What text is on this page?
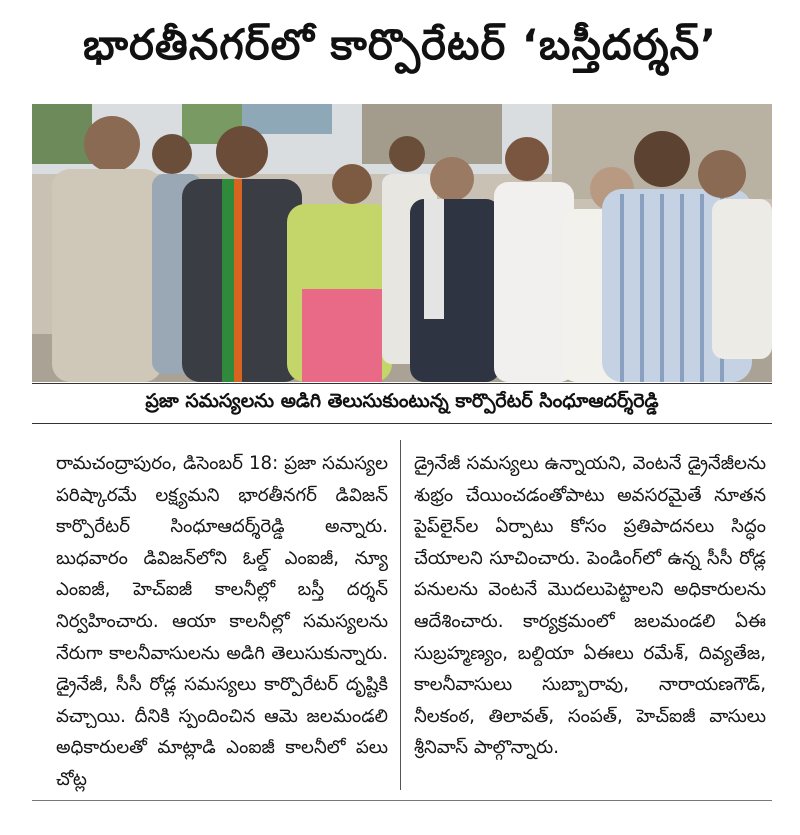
భారతీనగర్‌లో కార్పొరేటర్ ‘బస్తీదర్శన్’
ప్రజా సమస్యలను అడిగి తెలుసుకుంటున్న కార్పొరేటర్ సింధూఆదర్శ్‌రెడ్డి

రామచంద్రాపురం, డిసెంబర్ 18: ప్రజా సమస్యల పరిష్కారమే లక్ష్యమని భారతీనగర్ డివిజన్ కార్పొరేటర్ సింధూఆదర్శ్‌రెడ్డి అన్నారు. బుధవారం డివిజన్‌లోని ఓల్డ్ ఎంఐజీ, న్యూ ఎంఐజీ, హెచ్ఐజీ కాలనీల్లో బస్తీ దర్శన్ నిర్వహించారు. ఆయా కాలనీల్లో సమస్యలను నేరుగా కాలనీవాసులను అడిగి తెలుసుకున్నారు. డ్రైనేజీ, సీసీ రోడ్ల సమస్యలు కార్పొరేటర్ దృష్టికి వచ్చాయి. దీనికి స్పందించిన ఆమె జలమండలి అధికారులతో మాట్లాడి ఎంఐజీ కాలనీలో పలు చోట్ల

డ్రైనేజీ సమస్యలు ఉన్నాయని, వెంటనే డ్రైనేజీలను శుభ్రం చేయించడంతోపాటు అవసరమైతే నూతన పైప్‌లైన్‌ల ఏర్పాటు కోసం ప్రతిపాదనలు సిద్ధం చేయాలని సూచించారు. పెండింగ్‌లో ఉన్న సీసీ రోడ్ల పనులను వెంటనే మొదలుపెట్టాలని అధికారులను ఆదేశించారు. కార్యక్రమంలో జలమండలి ఏఈ సుబ్రహ్మణ్యం, బల్దియా ఏఈలు రమేశ్, దివ్యతేజ, కాలనీవాసులు సుబ్బారావు, నారాయణగౌడ్, నీలకంఠ, తిలావత్, సంపత్, హెచ్ఐజీ వాసులు శ్రీనివాస్ పాల్గొన్నారు.
